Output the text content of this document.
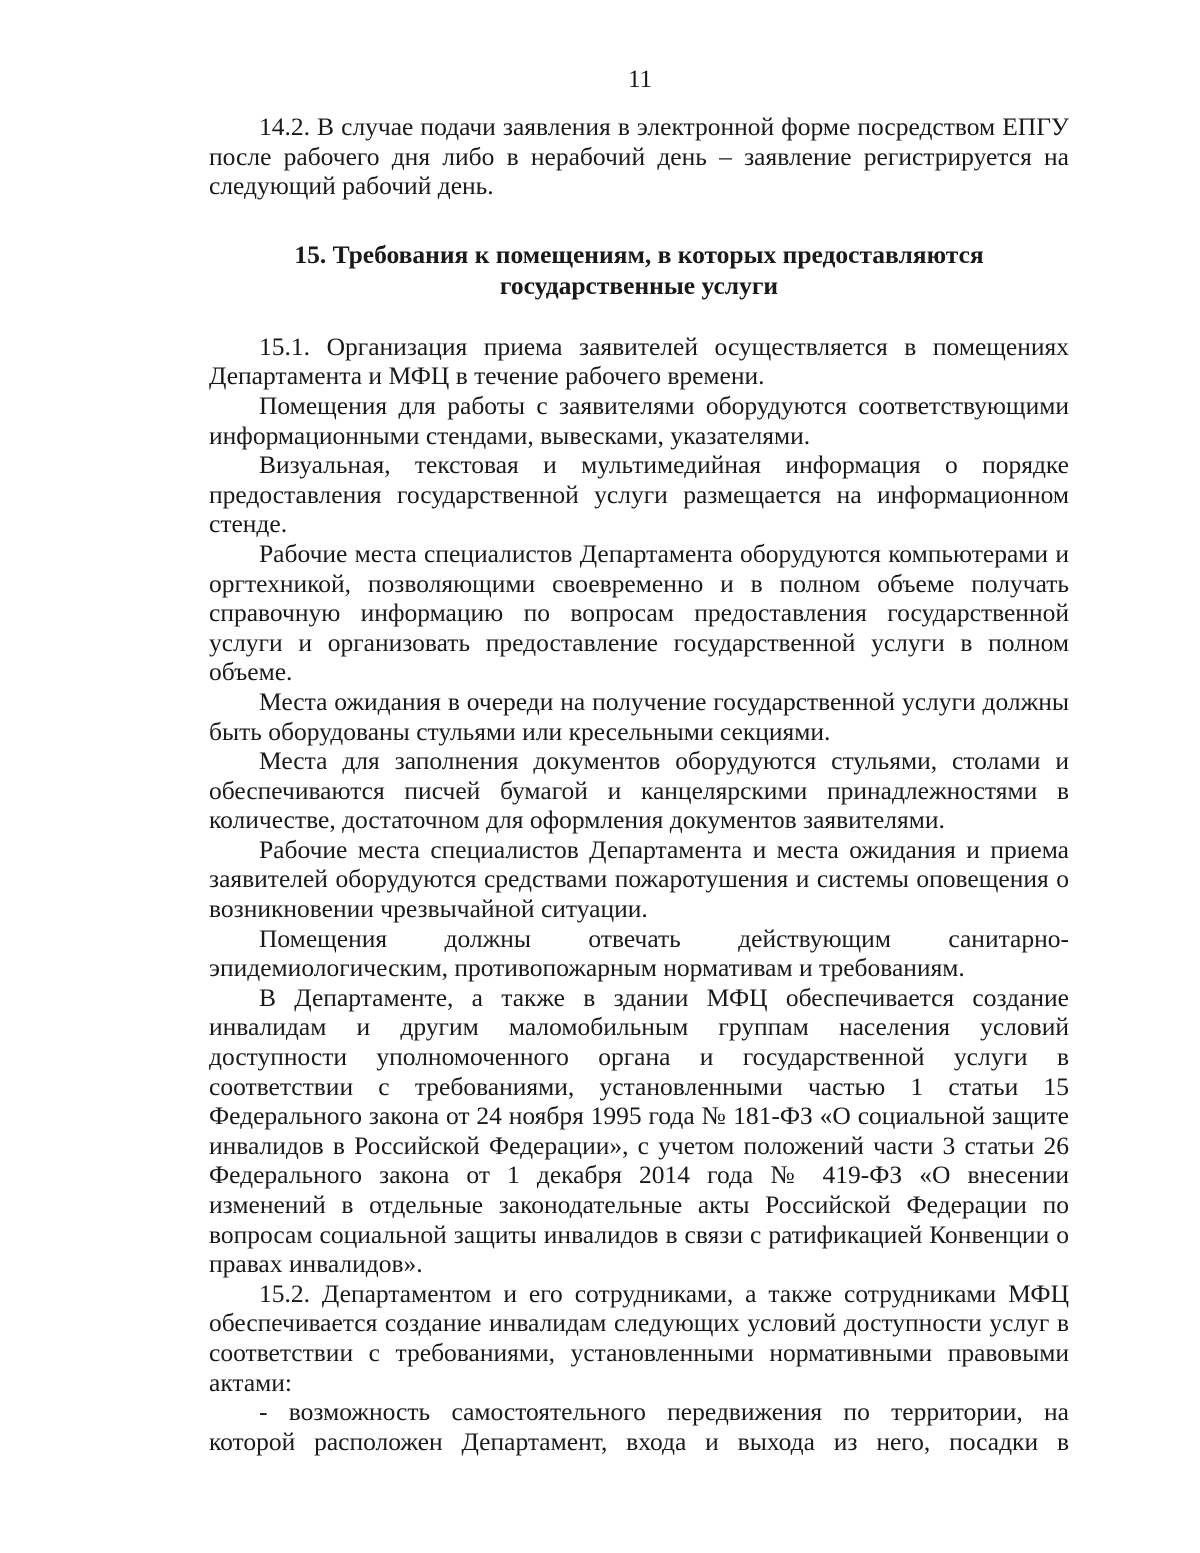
11

14.2. В случае подачи заявления в электронной форме посредством ЕПГУ после рабочего дня либо в нерабочий день – заявление регистрируется на следующий рабочий день.

15. Требования к помещениям, в которых предоставляются государственные услуги

15.1. Организация приема заявителей осуществляется в помещениях Департамента и МФЦ в течение рабочего времени.

Помещения для работы с заявителями оборудуются соответствующими информационными стендами, вывесками, указателями.

Визуальная, текстовая и мультимедийная информация о порядке предоставления государственной услуги размещается на информационном стенде.

Рабочие места специалистов Департамента оборудуются компьютерами и оргтехникой, позволяющими своевременно и в полном объеме получать справочную информацию по вопросам предоставления государственной услуги и организовать предоставление государственной услуги в полном объеме.

Места ожидания в очереди на получение государственной услуги должны быть оборудованы стульями или кресельными секциями.

Места для заполнения документов оборудуются стульями, столами и обеспечиваются писчей бумагой и канцелярскими принадлежностями в количестве, достаточном для оформления документов заявителями.

Рабочие места специалистов Департамента и места ожидания и приема заявителей оборудуются средствами пожаротушения и системы оповещения о возникновении чрезвычайной ситуации.

Помещения должны отвечать действующим санитарно-эпидемиологическим, противопожарным нормативам и требованиям.

В Департаменте, а также в здании МФЦ обеспечивается создание инвалидам и другим маломобильным группам населения условий доступности уполномоченного органа и государственной услуги в соответствии с требованиями, установленными частью 1 статьи 15 Федерального закона от 24 ноября 1995 года № 181-ФЗ «О социальной защите инвалидов в Российской Федерации», с учетом положений части 3 статьи 26 Федерального закона от 1 декабря 2014 года № 419-ФЗ «О внесении изменений в отдельные законодательные акты Российской Федерации по вопросам социальной защиты инвалидов в связи с ратификацией Конвенции о правах инвалидов».

15.2. Департаментом и его сотрудниками, а также сотрудниками МФЦ обеспечивается создание инвалидам следующих условий доступности услуг в соответствии с требованиями, установленными нормативными правовыми актами:

- возможность самостоятельного передвижения по территории, на которой расположен Департамент, входа и выхода из него, посадки в
